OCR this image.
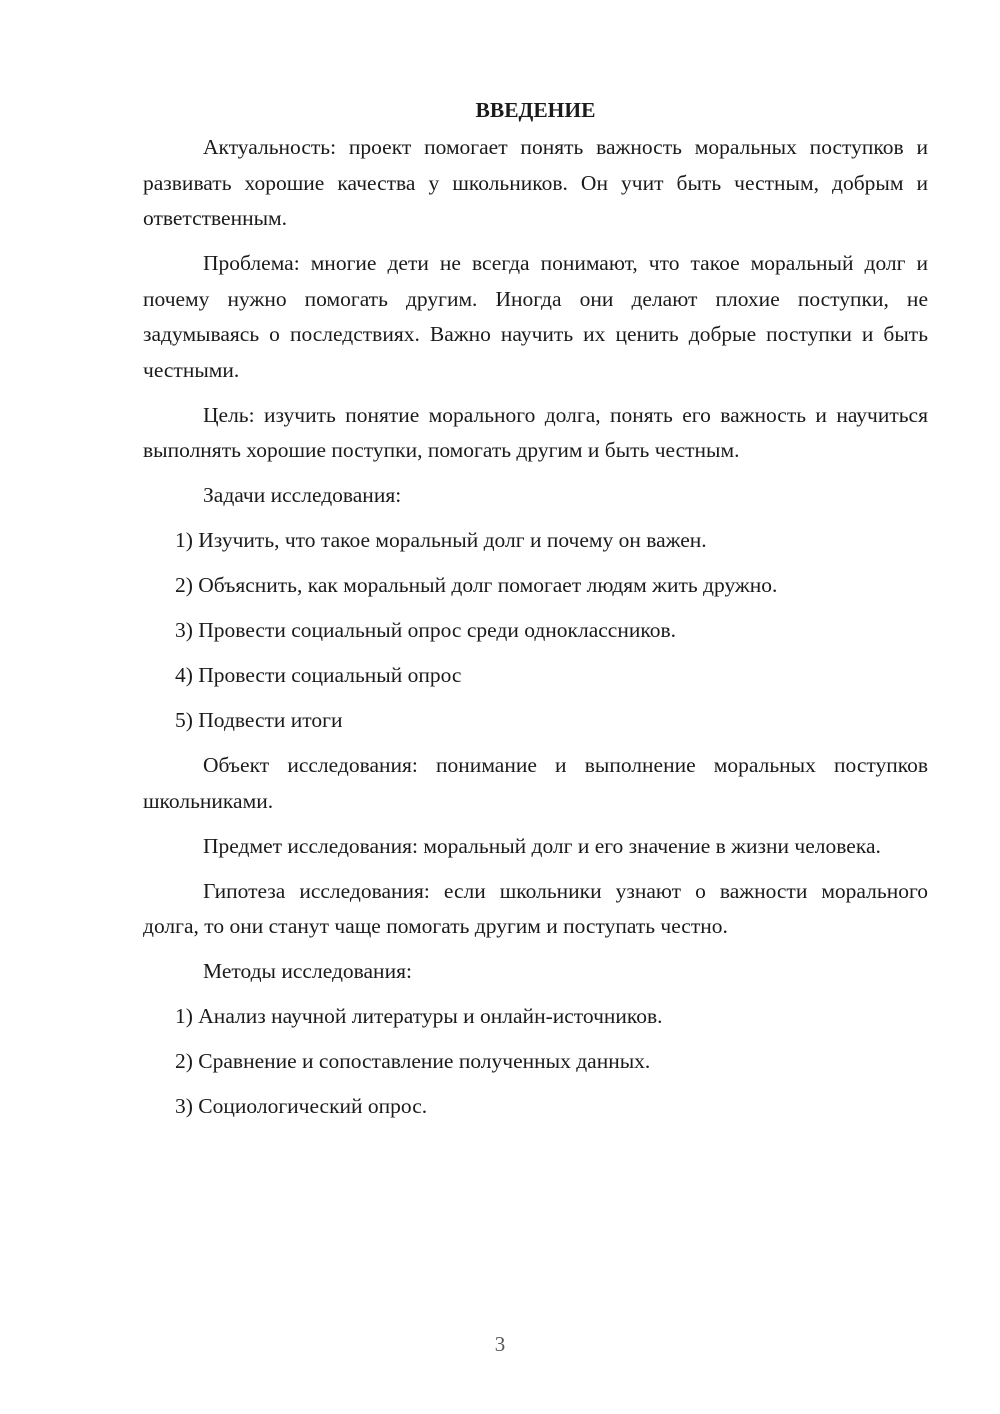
ВВЕДЕНИЕ

Актуальность: проект помогает понять важность моральных поступков и развивать хорошие качества у школьников. Он учит быть честным, добрым и ответственным.

Проблема: многие дети не всегда понимают, что такое моральный долг и почему нужно помогать другим. Иногда они делают плохие поступки, не задумываясь о последствиях. Важно научить их ценить добрые поступки и быть честными.

Цель: изучить понятие морального долга, понять его важность и научиться выполнять хорошие поступки, помогать другим и быть честным.

Задачи исследования:

1) Изучить, что такое моральный долг и почему он важен.

2) Объяснить, как моральный долг помогает людям жить дружно.

3) Провести социальный опрос среди одноклассников.

4) Провести социальный опрос

5) Подвести итоги

Объект исследования: понимание и выполнение моральных поступков школьниками.

Предмет исследования: моральный долг и его значение в жизни человека.

Гипотеза исследования: если школьники узнают о важности морального долга, то они станут чаще помогать другим и поступать честно.

Методы исследования:

1) Анализ научной литературы и онлайн-источников.

2) Сравнение и сопоставление полученных данных.

3) Социологический опрос.

3
